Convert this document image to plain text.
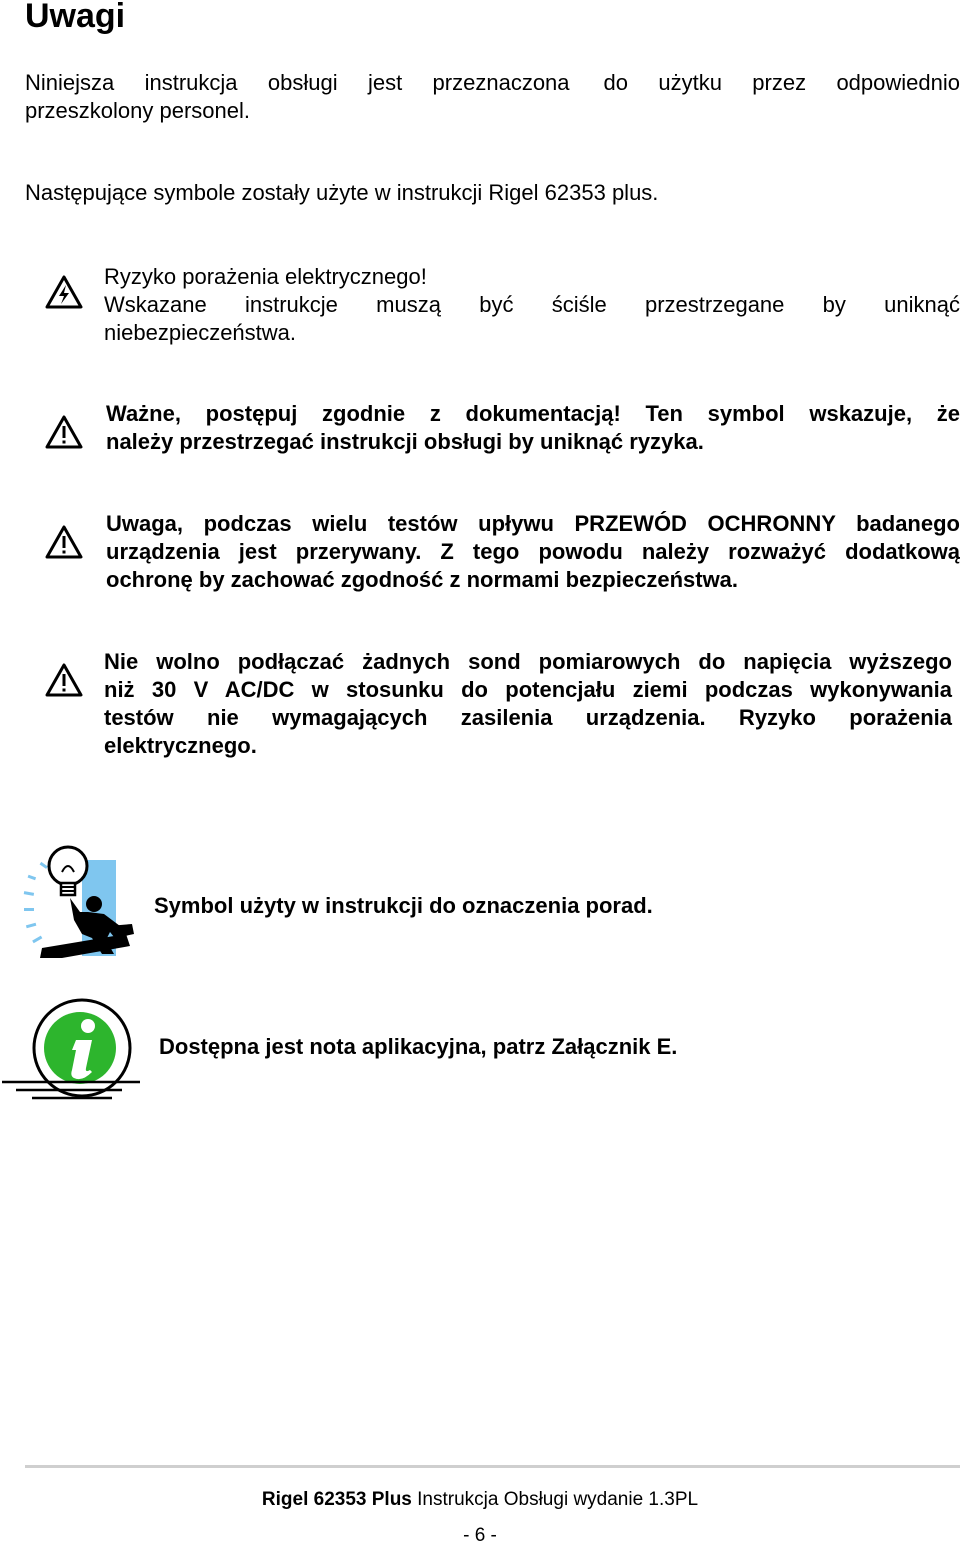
Uwagi
Niniejsza instrukcja obsługi jest przeznaczona do użytku przez odpowiednio
przeszkolony personel.
Następujące symbole zostały użyte w instrukcji Rigel 62353 plus.
Ryzyko porażenia elektrycznego!
Wskazane instrukcje muszą być ściśle przestrzegane by uniknąć
niebezpieczeństwa.
Ważne, postępuj zgodnie z dokumentacją! Ten symbol wskazuje, że
należy przestrzegać instrukcji obsługi by uniknąć ryzyka.
Uwaga, podczas wielu testów upływu PRZEWÓD OCHRONNY badanego
urządzenia jest przerywany. Z tego powodu należy rozważyć dodatkową
ochronę by zachować zgodność z normami bezpieczeństwa.
Nie wolno podłączać żadnych sond pomiarowych do napięcia wyższego
niż 30 V AC/DC w stosunku do potencjału ziemi podczas wykonywania
testów nie wymagających zasilenia urządzenia. Ryzyko porażenia
elektrycznego.
Symbol użyty w instrukcji do oznaczenia porad.
Dostępna jest nota aplikacyjna, patrz Załącznik E.
Rigel 62353 Plus Instrukcja Obsługi wydanie 1.3PL
- 6 -
